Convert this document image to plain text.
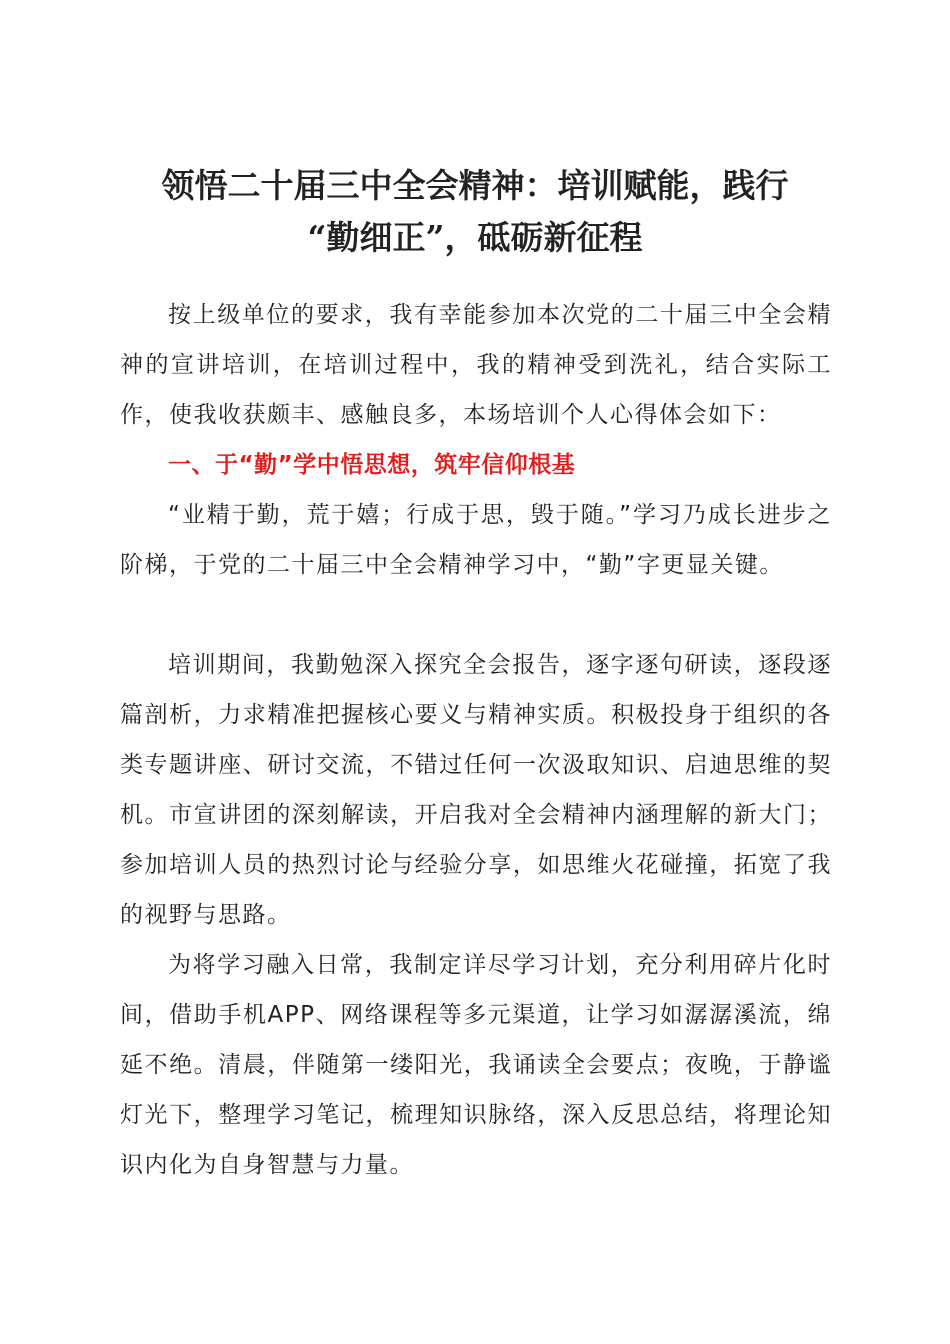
领悟二十届三中全会精神：培训赋能，践行
“勤细正”，砥砺新征程

按上级单位的要求，我有幸能参加本次党的二十届三中全会精神的宣讲培训，在培训过程中，我的精神受到洗礼，结合实际工作，使我收获颇丰、感触良多，本场培训个人心得体会如下：

一、于“勤”学中悟思想，筑牢信仰根基

“业精于勤，荒于嬉；行成于思，毁于随。”学习乃成长进步之阶梯，于党的二十届三中全会精神学习中，“勤”字更显关键。

培训期间，我勤勉深入探究全会报告，逐字逐句研读，逐段逐篇剖析，力求精准把握核心要义与精神实质。积极投身于组织的各类专题讲座、研讨交流，不错过任何一次汲取知识、启迪思维的契机。市宣讲团的深刻解读，开启我对全会精神内涵理解的新大门；参加培训人员的热烈讨论与经验分享，如思维火花碰撞，拓宽了我的视野与思路。

为将学习融入日常，我制定详尽学习计划，充分利用碎片化时间，借助手机APP、网络课程等多元渠道，让学习如潺潺溪流，绵延不绝。清晨，伴随第一缕阳光，我诵读全会要点；夜晚，于静谧灯光下，整理学习笔记，梳理知识脉络，深入反思总结，将理论知识内化为自身智慧与力量。
